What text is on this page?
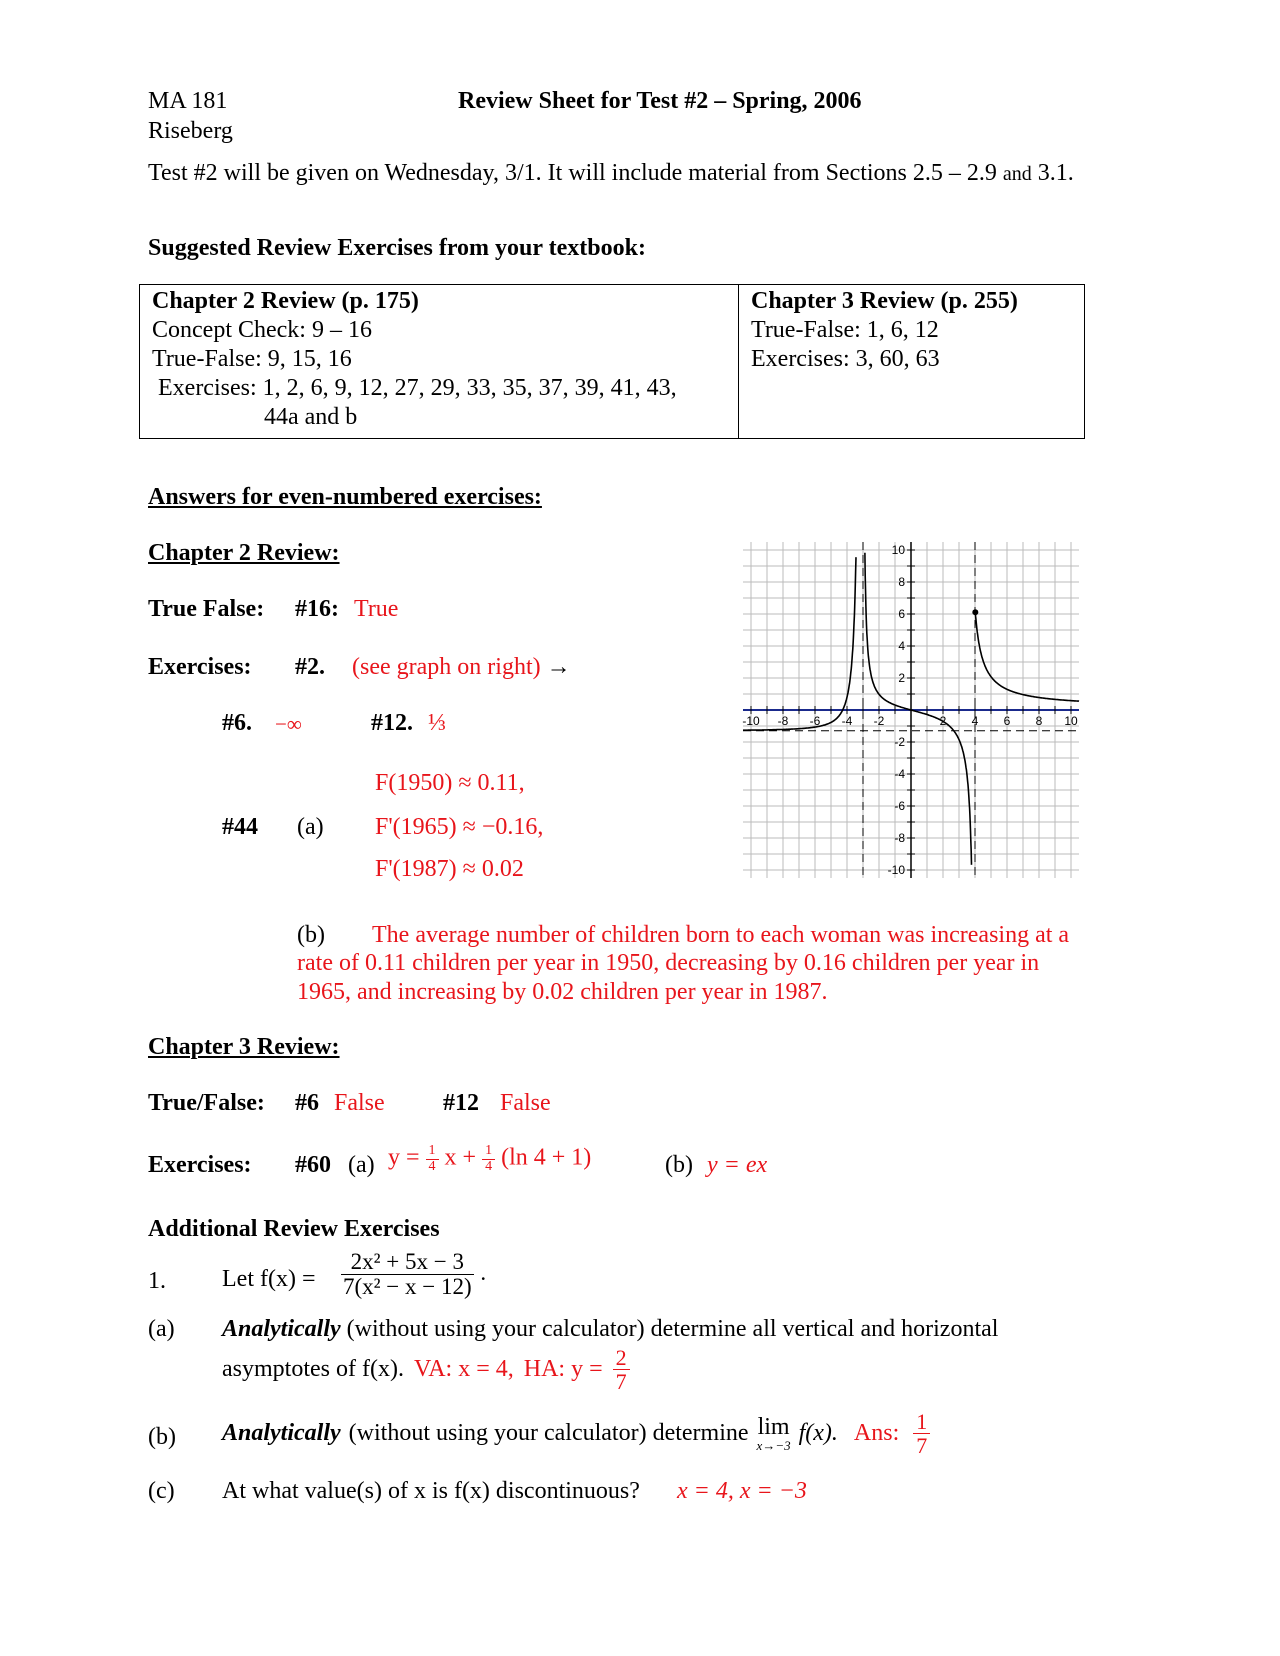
MA 181	Review Sheet for Test #2 – Spring, 2006
Riseberg
Test #2 will be given on Wednesday, 3/1. It will include material from Sections 2.5 – 2.9 and 3.1.
Suggested Review Exercises from your textbook:
Chapter 2 Review (p. 175)
Concept Check: 9 – 16
True-False: 9, 15, 16
Exercises: 1, 2, 6, 9, 12, 27, 29, 33, 35, 37, 39, 41, 43,
44a and b

Chapter 3 Review (p. 255)
True-False: 1, 6, 12
Exercises: 3, 60, 63
Answers for even-numbered exercises:
Chapter 2 Review:
True False: #16: True
Exercises: #2. (see graph on right) →
#6. −∞	#12. ⅓
F(1950) ≈ 0.11,
#44 (a) F'(1965) ≈ −0.16,
F'(1987) ≈ 0.02
(b) The average number of children born to each woman was increasing at a
rate of 0.11 children per year in 1950, decreasing by 0.16 children per year in
1965, and increasing by 0.02 children per year in 1987.
Chapter 3 Review:
True/False: #6 False #12 False
Exercises: #60 (a) $y = \frac{1}{4}$ $x + \frac{1}{4} (\ln$ 4 + 1)	(b) y = ex
Additional Review Exercises
1. Let $f(x) = \frac{\text{2x² + 5x − 3}}{\text{7(x² − x − 12)}}$ .
(a) Analytically (without using your calculator) determine all vertical and horizontal
asymptotes of f(x). VA: x = 4, HA: $y = \frac{2}{7}$
(b) Analytically (without using your calculator) determine lim
x→−3 f(x). Ans: $\frac{1}{7}$
(c) At what value(s) of x is f(x) discontinuous? x = 4, x = −3
-10 -8 -6 -4 -2	2 4 6 8 10
10
8
6
4
2
-2
-4
-6
-8
-10
